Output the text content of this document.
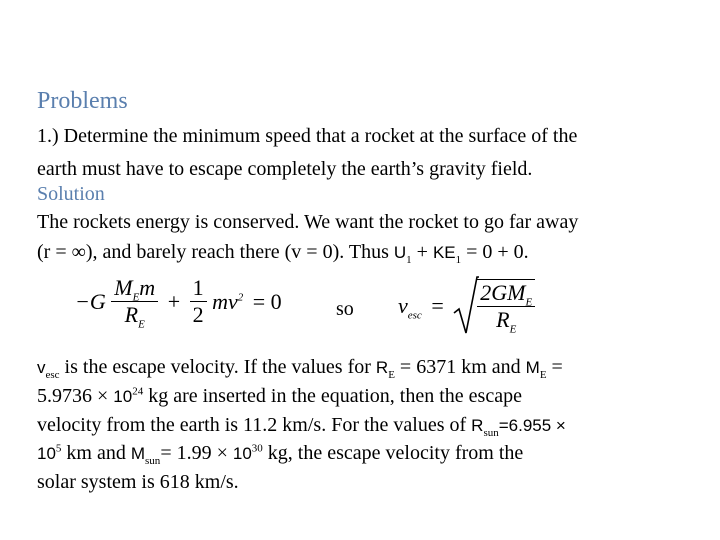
Problems
1.) Determine the minimum speed that a rocket at the surface of the
earth must have to escape completely the earth’s gravity field.
Solution
The rockets energy is conserved. We want the rocket to go far away
(r = ∞), and barely reach there (v = 0). Thus $U_1 + KE_1 = 0 + 0$.
$-G \frac{M_Em}{R_E} + \frac{1}{2} mv^2 = 0$	so $v_{esc} = \frac{2GM_E}{R_E}$
$v_{esc}$ is the escape velocity. If the values for $R_E = 6371$ km and $M_E$ =
$5.9736 \times 10^{24}$ kg are inserted in the equation, then the escape
velocity from the earth is 11.2 km/s. For the values of $R_{sun}=6.955$ ×
$10^5$ km and $M_{sun}= 1.99 \times 10^{30}$ kg, the escape velocity from the
solar system is 618 km/s.
